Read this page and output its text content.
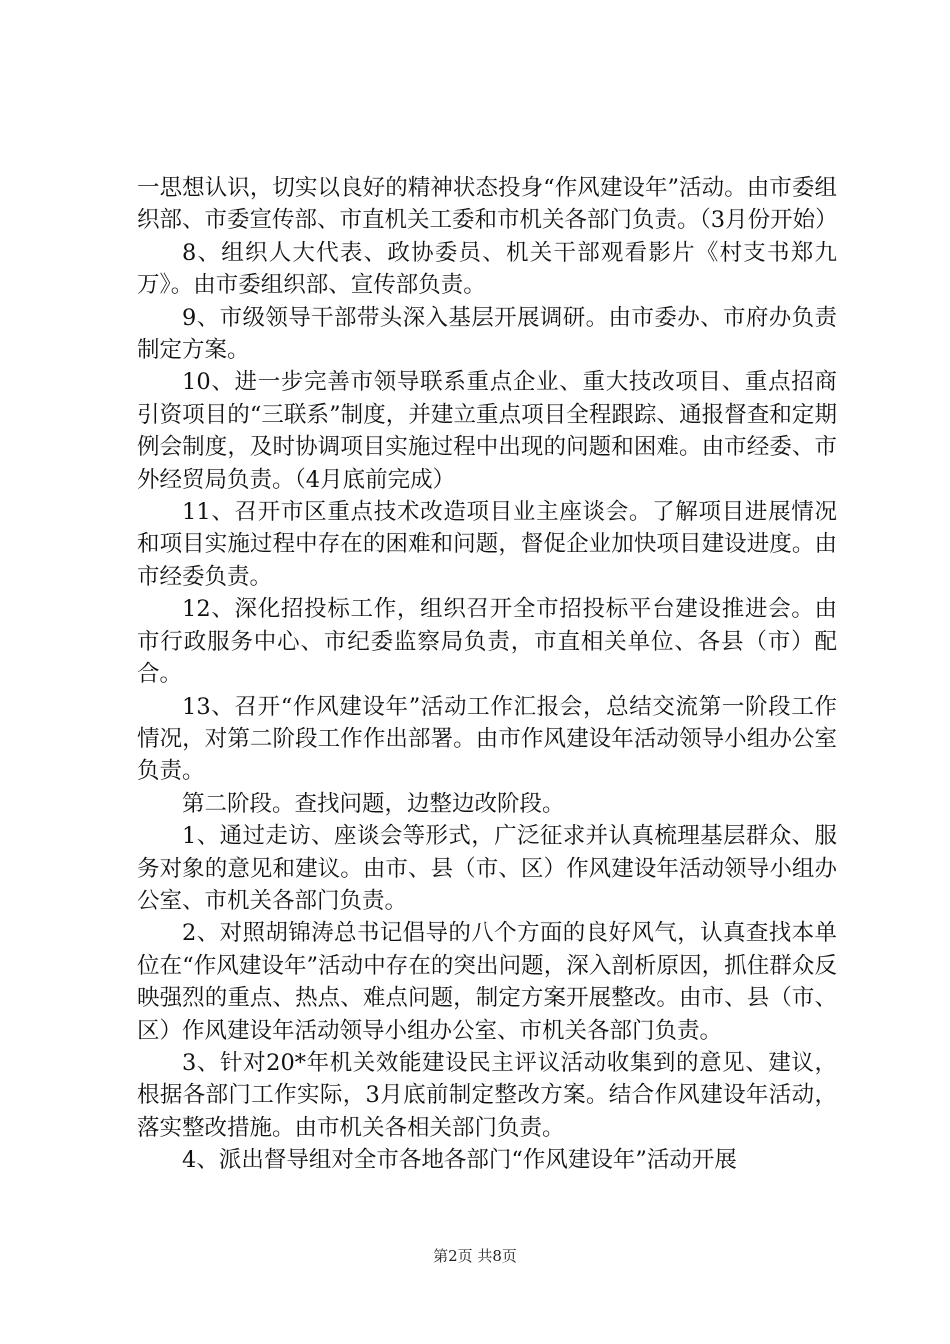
一思想认识，切实以良好的精神状态投身“作风建设年”活动。由市委组织部、市委宣传部、市直机关工委和市机关各部门负责。（3月份开始）

8、组织人大代表、政协委员、机关干部观看影片《村支书郑九万》。由市委组织部、宣传部负责。

9、市级领导干部带头深入基层开展调研。由市委办、市府办负责制定方案。

10、进一步完善市领导联系重点企业、重大技改项目、重点招商引资项目的“三联系”制度，并建立重点项目全程跟踪、通报督查和定期例会制度，及时协调项目实施过程中出现的问题和困难。由市经委、市外经贸局负责。（4月底前完成）

11、召开市区重点技术改造项目业主座谈会。了解项目进展情况和项目实施过程中存在的困难和问题，督促企业加快项目建设进度。由市经委负责。

12、深化招投标工作，组织召开全市招投标平台建设推进会。由市行政服务中心、市纪委监察局负责，市直相关单位、各县（市）配合。

13、召开“作风建设年”活动工作汇报会，总结交流第一阶段工作情况，对第二阶段工作作出部署。由市作风建设年活动领导小组办公室负责。

第二阶段。查找问题，边整边改阶段。

1、通过走访、座谈会等形式，广泛征求并认真梳理基层群众、服务对象的意见和建议。由市、县（市、区）作风建设年活动领导小组办公室、市机关各部门负责。

2、对照胡锦涛总书记倡导的八个方面的良好风气，认真查找本单位在“作风建设年”活动中存在的突出问题，深入剖析原因，抓住群众反映强烈的重点、热点、难点问题，制定方案开展整改。由市、县（市、区）作风建设年活动领导小组办公室、市机关各部门负责。

3、针对20*年机关效能建设民主评议活动收集到的意见、建议，根据各部门工作实际，3月底前制定整改方案。结合作风建设年活动，落实整改措施。由市机关各相关部门负责。

4、派出督导组对全市各地各部门“作风建设年”活动开展

第2页 共8页
